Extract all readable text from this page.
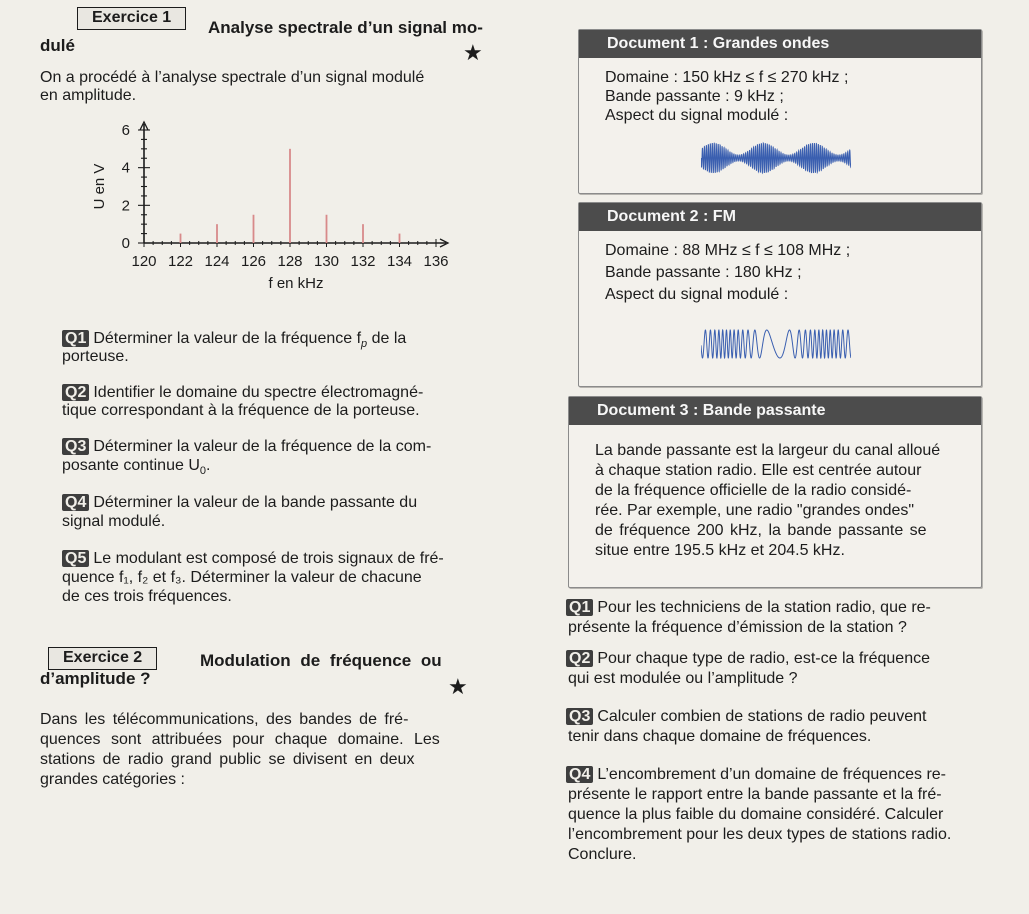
Exercice 1
Analyse spectrale d’un signal mo-
dulé	★
On a procédé à l’analyse spectrale d’un signal modulé
en amplitude.
0
2
4
6
120 122 124 126 128 130 132 134 136
f en kHz
U en V
Q1 Déterminer la valeur de la fréquence $f_p$ de la
porteuse.
Q2 Identifier le domaine du spectre électromagné-
tique correspondant à la fréquence de la porteuse.
Q3 Déterminer la valeur de la fréquence de la com-
posante continue $U_0$.
Q4 Déterminer la valeur de la bande passante du
signal modulé.
Q5 Le modulant est composé de trois signaux de fré-
quence f₁, f₂ et f₃. Déterminer la valeur de chacune
de ces trois fréquences.
Exercice 2	Modulation de fréquence ou
d’amplitude ?	★
Dans les télécommunications, des bandes de fré-
quences sont attribuées pour chaque domaine. Les
stations de radio grand public se divisent en deux
grandes catégories :
Document 1 : Grandes ondes
Domaine : 150 kHz ≤ f ≤ 270 kHz ;
Bande passante : 9 kHz ;
Aspect du signal modulé :
Document 2 : FM
Domaine : 88 MHz ≤ f ≤ 108 MHz ;
Bande passante : 180 kHz ;
Aspect du signal modulé :
Document 3 : Bande passante
La bande passante est la largeur du canal alloué
à chaque station radio. Elle est centrée autour
de la fréquence officielle de la radio considé-
rée. Par exemple, une radio "grandes ondes"
de fréquence 200 kHz, la bande passante se
situe entre 195.5 kHz et 204.5 kHz.
Q1 Pour les techniciens de la station radio, que re-
présente la fréquence d’émission de la station ?
Q2 Pour chaque type de radio, est-ce la fréquence
qui est modulée ou l’amplitude ?
Q3 Calculer combien de stations de radio peuvent
tenir dans chaque domaine de fréquences.
Q4 L’encombrement d’un domaine de fréquences re-
présente le rapport entre la bande passante et la fré-
quence la plus faible du domaine considéré. Calculer
l’encombrement pour les deux types de stations radio.
Conclure.
